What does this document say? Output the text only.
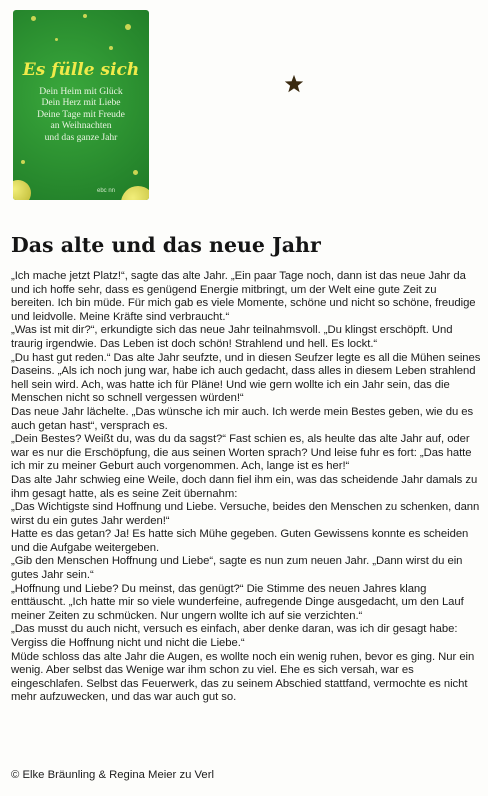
Es fülle sich
Dein Heim mit Glück
Dein Herz mit Liebe
Deine Tage mit Freude
an Weihnachten
und das ganze Jahr
ebc nn
Das alte und das neue Jahr

„Ich mache jetzt Platz!“, sagte das alte Jahr. „Ein paar Tage noch, dann ist das neue Jahr da und ich hoffe sehr, dass es genügend Energie mitbringt, um der Welt eine gute Zeit zu bereiten. Ich bin müde. Für mich gab es viele Momente, schöne und nicht so schöne, freudige und leidvolle. Meine Kräfte sind verbraucht.“

„Was ist mit dir?“, erkundigte sich das neue Jahr teilnahmsvoll. „Du klingst erschöpft. Und traurig irgendwie. Das Leben ist doch schön! Strahlend und hell. Es lockt.“

„Du hast gut reden.“ Das alte Jahr seufzte, und in diesen Seufzer legte es all die Mühen seines Daseins. „Als ich noch jung war, habe ich auch gedacht, dass alles in diesem Leben strahlend hell sein wird. Ach, was hatte ich für Pläne! Und wie gern wollte ich ein Jahr sein, das die Menschen nicht so schnell vergessen würden!“

Das neue Jahr lächelte. „Das wünsche ich mir auch. Ich werde mein Bestes geben, wie du es auch getan hast“, versprach es.

„Dein Bestes? Weißt du, was du da sagst?“ Fast schien es, als heulte das alte Jahr auf, oder war es nur die Erschöpfung, die aus seinen Worten sprach? Und leise fuhr es fort: „Das hatte ich mir zu meiner Geburt auch vorgenommen. Ach, lange ist es her!“

Das alte Jahr schwieg eine Weile, doch dann fiel ihm ein, was das scheidende Jahr damals zu ihm gesagt hatte, als es seine Zeit übernahm:

„Das Wichtigste sind Hoffnung und Liebe. Versuche, beides den Menschen zu schenken, dann wirst du ein gutes Jahr werden!“

Hatte es das getan? Ja! Es hatte sich Mühe gegeben. Guten Gewissens konnte es scheiden und die Aufgabe weitergeben.

„Gib den Menschen Hoffnung und Liebe“, sagte es nun zum neuen Jahr. „Dann wirst du ein gutes Jahr sein.“

„Hoffnung und Liebe? Du meinst, das genügt?“ Die Stimme des neuen Jahres klang enttäuscht. „Ich hatte mir so viele wunderfeine, aufregende Dinge ausgedacht, um den Lauf meiner Zeiten zu schmücken. Nur ungern wollte ich auf sie verzichten.“

„Das musst du auch nicht, versuch es einfach, aber denke daran, was ich dir gesagt habe: Vergiss die Hoffnung nicht und nicht die Liebe.“

Müde schloss das alte Jahr die Augen, es wollte noch ein wenig ruhen, bevor es ging. Nur ein wenig. Aber selbst das Wenige war ihm schon zu viel. Ehe es sich versah, war es eingeschlafen. Selbst das Feuerwerk, das zu seinem Abschied stattfand, vermochte es nicht mehr aufzuwecken, und das war auch gut so.

© Elke Bräunling & Regina Meier zu Verl
